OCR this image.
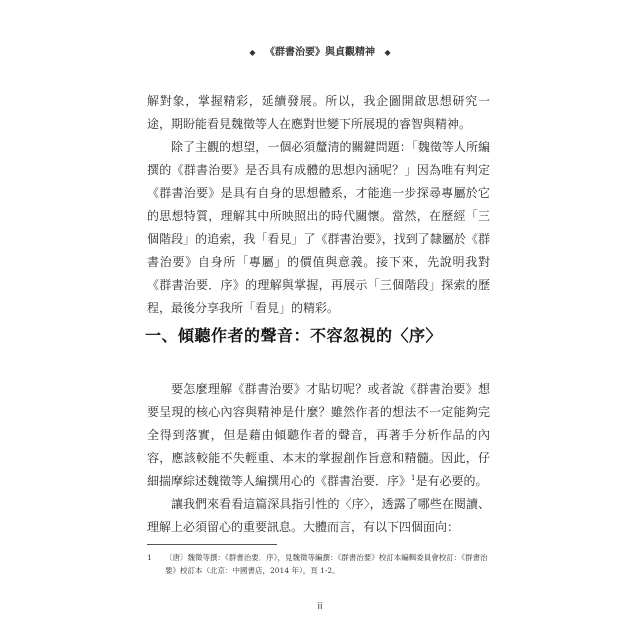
◆ 《群書治要》與貞觀精神 ◆

解對象，掌握精彩，延續發展。所以，我企圖開啟思想研究一途，期盼能看見魏徵等人在應對世變下所展現的睿智與精神。

除了主觀的想望，一個必須釐清的關鍵問題：「魏徵等人所編撰的《群書治要》是否具有成體的思想內涵呢？」因為唯有判定《群書治要》是具有自身的思想體系，才能進一步探尋專屬於它的思想特質，理解其中所映照出的時代關懷。當然，在歷經「三個階段」的追索，我「看見」了《群書治要》，找到了隸屬於《群書治要》自身所「專屬」的價值與意義。接下來，先說明我對《群書治要．序》的理解與掌握，再展示「三個階段」探索的歷程，最後分享我所「看見」的精彩。

一、傾聽作者的聲音：不容忽視的〈序〉

要怎麼理解《群書治要》才貼切呢？或者說《群書治要》想要呈現的核心內容與精神是什麼？雖然作者的想法不一定能夠完全得到落實，但是藉由傾聽作者的聲音，再著手分析作品的內容，應該較能不失輕重、本末的掌握創作旨意和精髓。因此，仔細揣摩綜述魏徵等人編撰用心的《群書治要．序》$^1$是有必要的。

讓我們來看看這篇深具指引性的〈序〉，透露了哪些在閱讀、理解上必須留心的重要訊息。大體而言，有以下四個面向：

1 〔唐〕魏徵等撰：《群書治要．序》，見魏徵等編撰：《群書治要》校訂本編輯委員會校訂：《群書治要》校訂本（北京：中國書店，2014 年），頁 1-2。
ii
